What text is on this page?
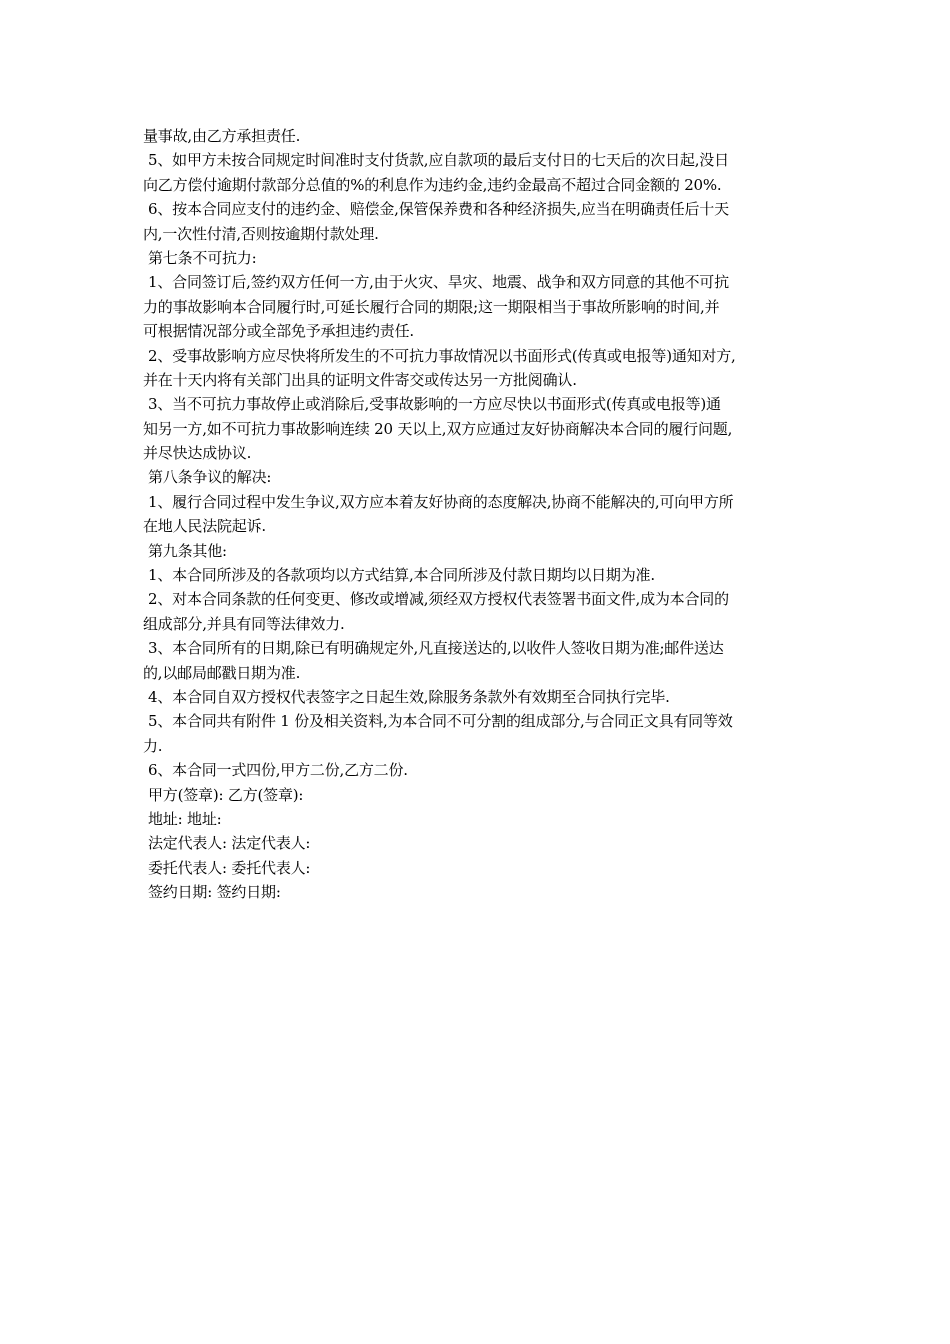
量事故,由乙方承担责任.
5、如甲方未按合同规定时间准时支付货款,应自款项的最后支付日的七天后的次日起,没日
向乙方偿付逾期付款部分总值的%的利息作为违约金,违约金最高不超过合同金额的 20%.
6、按本合同应支付的违约金、赔偿金,保管保养费和各种经济损失,应当在明确责任后十天
内,一次性付清,否则按逾期付款处理.
第七条不可抗力:
1、合同签订后,签约双方任何一方,由于火灾、旱灾、地震、战争和双方同意的其他不可抗
力的事故影响本合同履行时,可延长履行合同的期限;这一期限相当于事故所影响的时间,并
可根据情况部分或全部免予承担违约责任.
2、受事故影响方应尽快将所发生的不可抗力事故情况以书面形式(传真或电报等)通知对方,
并在十天内将有关部门出具的证明文件寄交或传达另一方批阅确认.
3、当不可抗力事故停止或消除后,受事故影响的一方应尽快以书面形式(传真或电报等)通
知另一方,如不可抗力事故影响连续 20 天以上,双方应通过友好协商解决本合同的履行问题,
并尽快达成协议.
第八条争议的解决:
1、履行合同过程中发生争议,双方应本着友好协商的态度解决,协商不能解决的,可向甲方所
在地人民法院起诉.
第九条其他:
1、本合同所涉及的各款项均以方式结算,本合同所涉及付款日期均以日期为准.
2、对本合同条款的任何变更、修改或增减,须经双方授权代表签署书面文件,成为本合同的
组成部分,并具有同等法律效力.
3、本合同所有的日期,除已有明确规定外,凡直接送达的,以收件人签收日期为准;邮件送达
的,以邮局邮戳日期为准.
4、本合同自双方授权代表签字之日起生效,除服务条款外有效期至合同执行完毕.
5、本合同共有附件 1 份及相关资料,为本合同不可分割的组成部分,与合同正文具有同等效
力.
6、本合同一式四份,甲方二份,乙方二份.
甲方(签章): 乙方(签章):
地址: 地址:
法定代表人: 法定代表人:
委托代表人: 委托代表人:
签约日期: 签约日期:
